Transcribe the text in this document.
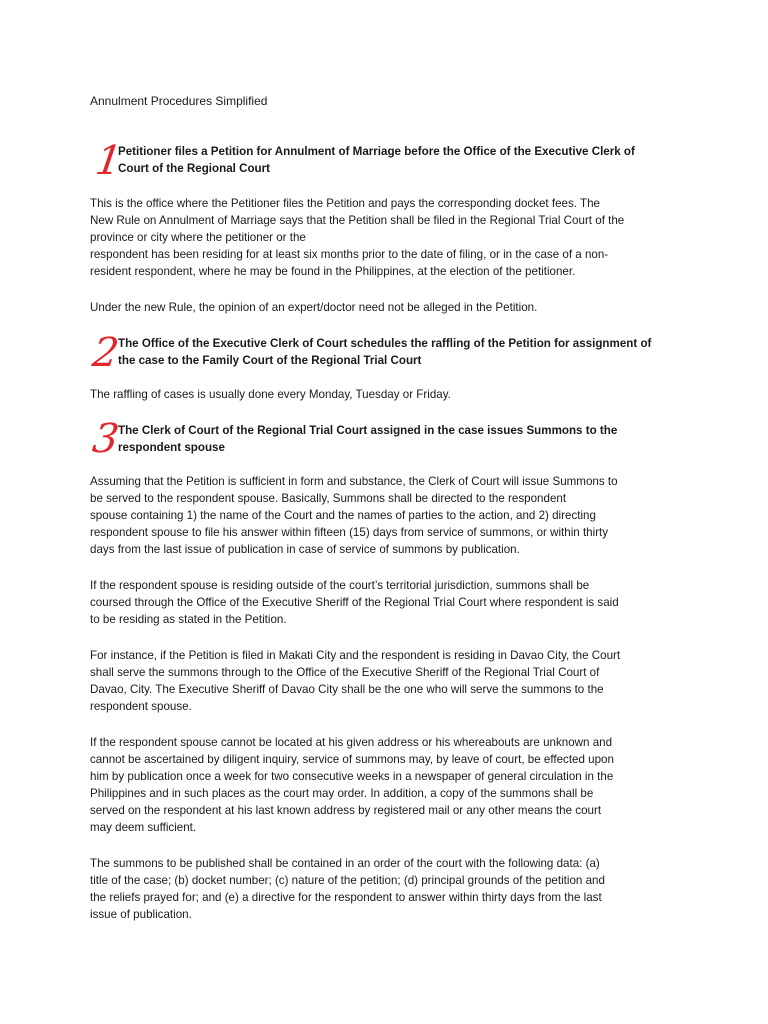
Annulment Procedures Simplified
1
Petitioner files a Petition for Annulment of Marriage before the Office of the Executive Clerk of
Court of the Regional Court
This is the office where the Petitioner files the Petition and pays the corresponding docket fees. The
New Rule on Annulment of Marriage says that the Petition shall be filed in the Regional Trial Court of the
province or city where the petitioner or the
respondent has been residing for at least six months prior to the date of filing, or in the case of a non-
resident respondent, where he may be found in the Philippines, at the election of the petitioner.
Under the new Rule, the opinion of an expert/doctor need not be alleged in the Petition.
2
The Office of the Executive Clerk of Court schedules the raffling of the Petition for assignment of
the case to the Family Court of the Regional Trial Court
The raffling of cases is usually done every Monday, Tuesday or Friday.
3
The Clerk of Court of the Regional Trial Court assigned in the case issues Summons to the
respondent spouse
Assuming that the Petition is sufficient in form and substance, the Clerk of Court will issue Summons to
be served to the respondent spouse. Basically, Summons shall be directed to the respondent
spouse containing 1) the name of the Court and the names of parties to the action, and 2) directing
respondent spouse to file his answer within fifteen (15) days from service of summons, or within thirty
days from the last issue of publication in case of service of summons by publication.
If the respondent spouse is residing outside of the court’s territorial jurisdiction, summons shall be
coursed through the Office of the Executive Sheriff of the Regional Trial Court where respondent is said
to be residing as stated in the Petition.
For instance, if the Petition is filed in Makati City and the respondent is residing in Davao City, the Court
shall serve the summons through to the Office of the Executive Sheriff of the Regional Trial Court of
Davao, City. The Executive Sheriff of Davao City shall be the one who will serve the summons to the
respondent spouse.
If the respondent spouse cannot be located at his given address or his whereabouts are unknown and
cannot be ascertained by diligent inquiry, service of summons may, by leave of court, be effected upon
him by publication once a week for two consecutive weeks in a newspaper of general circulation in the
Philippines and in such places as the court may order. In addition, a copy of the summons shall be
served on the respondent at his last known address by registered mail or any other means the court
may deem sufficient.
The summons to be published shall be contained in an order of the court with the following data: (a)
title of the case; (b) docket number; (c) nature of the petition; (d) principal grounds of the petition and
the reliefs prayed for; and (e) a directive for the respondent to answer within thirty days from the last
issue of publication.
